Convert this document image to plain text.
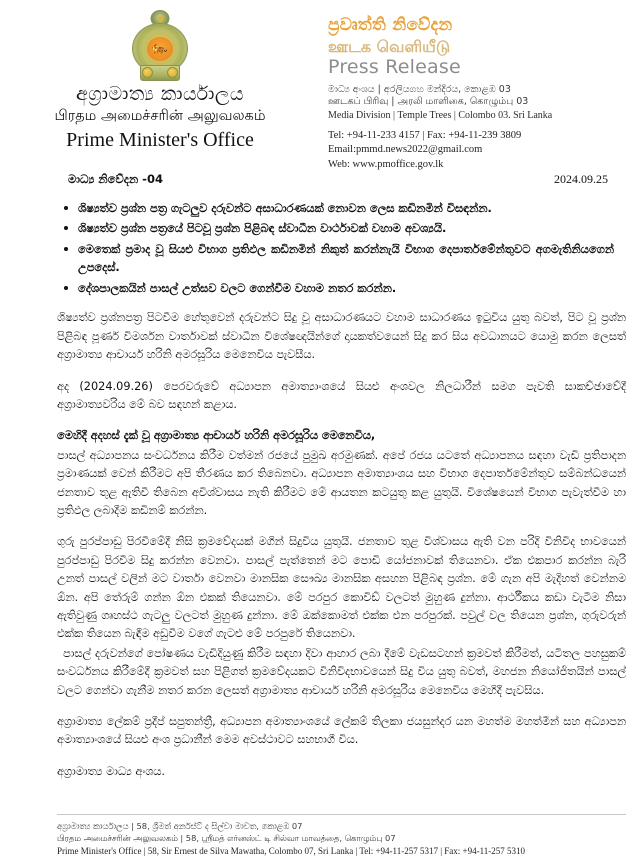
🐅
අග්‍රාමාත්‍ය කාර්යාලය
பிரதம அமைச்சரின் அலுவலகம்
Prime Minister's Office
ප්‍රවෘත්ති නිවේදන
ஊடக வெளியீடு
Press Release
මාධ්‍ය අංශය | අරලියගහ මන්දිරය, කොළඹ 03
ஊடகப் பிரிவு | அரலி மாளிகை, கொழும்பு 03
Media Division | Temple Trees | Colombo 03. Sri Lanka
Tel: +94-11-233 4157 | Fax: +94-11-239 3809
Email:pmmd.news2022@gmail.com
Web: www.pmoffice.gov.lk
මාධ්‍ය නිවේදන -04	2024.09.25
ශිෂ්‍යත්ව ප්‍රශ්න පත්‍ර ගැටලුව දරුවන්ට අසාධාරණයක් නොවන ලෙස කඩිනමින් විසඳන්න.
ශිෂ්‍යත්ව ප්‍රශ්න පත්‍රයේ පිටවූ ප්‍රශ්න පිළිබඳ ස්වාධීන වාර්ථාවක් වහාම අවශ්‍යයි.
මෙතෙක් ප්‍රමාද වූ සියළු විභාග ප්‍රතිඵල කඩිනමින් නිකුත් කරන්නැයි විභාග දෙපාර්තමේන්තුවට අගමැතිනියගෙන් උපදෙස්.
දේශපාලකයින් පාසල් උත්සව වලට ගෙන්වීම වහාම නතර කරන්න.

ශිෂ්‍යත්ව ප්‍රශ්නපත්‍ර පිටවීම හේතුවෙන් දරුවන්ට සිදු වූ අසාධාරණයට වහාම සාධාරණය ඉටුවිය යුතු බවත්, පිට වූ ප්‍රශ්න පිළිබඳ පූර්ණ විමර්ශන වාර්තාවක් ස්වාධීන විශේෂඥයින්ගේ දායකත්වයෙන් සිදු කර සිය අවධානයට යොමු කරන ලෙසත් අග්‍රාමාත්‍ය ආචාර්ය හරිනි අමරසූරිය මෙනෙවිය පැවසීය.

අද (2024.09.26) පෙරවරුවේ අධ්‍යාපන අමාත්‍යාංශයේ සියළු අංශවල නිලධාරීන් සමග පැවති සාකච්ඡාවේදී අග්‍රාමාත්‍යවරිය මේ බව සඳහන් කළාය.

මෙහිදී අදහස් දැක් වූ අග්‍රාමාත්‍ය ආචාර්ය හරිනි අමරසූරිය මෙනෙවිය,

පාසල් අධ්‍යාපනය සංවර්ධනය කිරීම වත්මන් රජයේ පුමුඛ අරමුණක්. අපේ රජය යටතේ අධ්‍යාපනය සඳහා වැඩි ප්‍රතිපාදන ප්‍රමාණයක් වෙන් කිරීමට අපි තීරණය කර තිබෙනවා. අධ්‍යාපන අමාත්‍යාංශය සහ විභාග දෙපාර්තමේන්තුව සම්බන්ධයෙන් ජනතාව තුළ ඇතිවී තිබෙන අවිශ්වාසය නැති කිරීමට මේ ආයතන කටයුතු කළ යුතුයි. විශේෂයෙන් විභාග පැවැත්වීම හා ප්‍රතිඵල ලබාදීම කඩිනම් කරන්න.

ගුරු පුරප්පාඩු පිරවීමේදී නිසි ක්‍රමවේදයක් මගින් සිදුවිය යුතුයි. ජනතාව තුළ විශ්වාසය ඇති වන පරිදි විනිවිද භාවයෙන් පුරප්පාඩු පිරවීම සිදු කරන්න වෙනවා. පාසල් පැත්තෙන් මට පොඩි යෝජනාවක් තියෙනවා. ඒක එකපාර කරන්න බැරි උනත් පාසල් වලින් මට වාර්තා වෙනවා මානසික සෞඛ්‍ය මානසික අසහන පිළිබඳ ප්‍රශ්න. මේ ගැන අපි මැදිහත් වෙන්නම ඕන. අපි තේරුම් ගන්න ඕන එකක් තියෙනවා. මේ පරපුර කොවිඩ් වලටත් මුහුණ දුන්නා. ආර්ථීකය කඩා වැටීම නිසා ඇතිවුණු ගෘහස්ථ ගැටලු වලටත් මුහුණ දුන්නා. මේ ඔක්කොමත් එක්ක එන පරපුරක්. පවුල් වල තියෙන ප්‍රශ්න, ගුරුවරුන් එක්ක තියෙන බැඳීම අඩුවීම වගේ ගැටළු මේ පරපුරේ තියෙනවා.

පාසල් දරුවන්ගේ පෝෂණය වැඩිදියුණු කිරීම සඳහා දිවා ආහාර ලබා දීමේ වැඩසටහන් ක්‍රමවත් කිරීමත්, යටිතල පහසුකම් සංවර්ධනය කිරීමේදී ක්‍රමවත් සහ පිළිගත් ක්‍රමවේදයකට විනිවිදභාවයෙන් සිදු විය යුතු බවත්, මහජන නියෝජිතයින් පාසල් වලට ගෙන්වා ගැනීම නතර කරන ලෙසත් අග්‍රාමාත්‍ය ආචාර්ය හරිනි අමරසූරිය මෙනෙවිය මෙහිදී පැවසිය.

අග්‍රාමාත්‍ය ලේකම් ප්‍රදීප් සපුතන්ත්‍රී, අධ්‍යාපන අමාත්‍යාංශයේ ලේකම් තිලකා ජයසුන්දර යන මහත්ම මහත්මීන් සහ අධ්‍යාපන අමාත්‍යාංශයේ සියළු අංශ ප්‍රධානීන් මෙම අවස්ථාවට සහභාගී විය.

අග්‍රාමාත්‍ය මාධ්‍ය අංශය.

අග්‍රාමාත්‍ය කාර්යාලය | 58, ශ්‍රීමත් අර්නස්ට් ද සිල්වා මාවත, කොළඹ 07
பிரதம அமைச்சரின் அலுவலகம் | 58, ஸ்ரீமத் எர்னஸ்ட் டி சில்வா மாவத்தை, கொழும்பு 07
Prime Minister's Office | 58, Sir Ernest de Silva Mawatha, Colombo 07, Sri Lanka | Tel: +94-11-257 5317 | Fax: +94-11-257 5310
